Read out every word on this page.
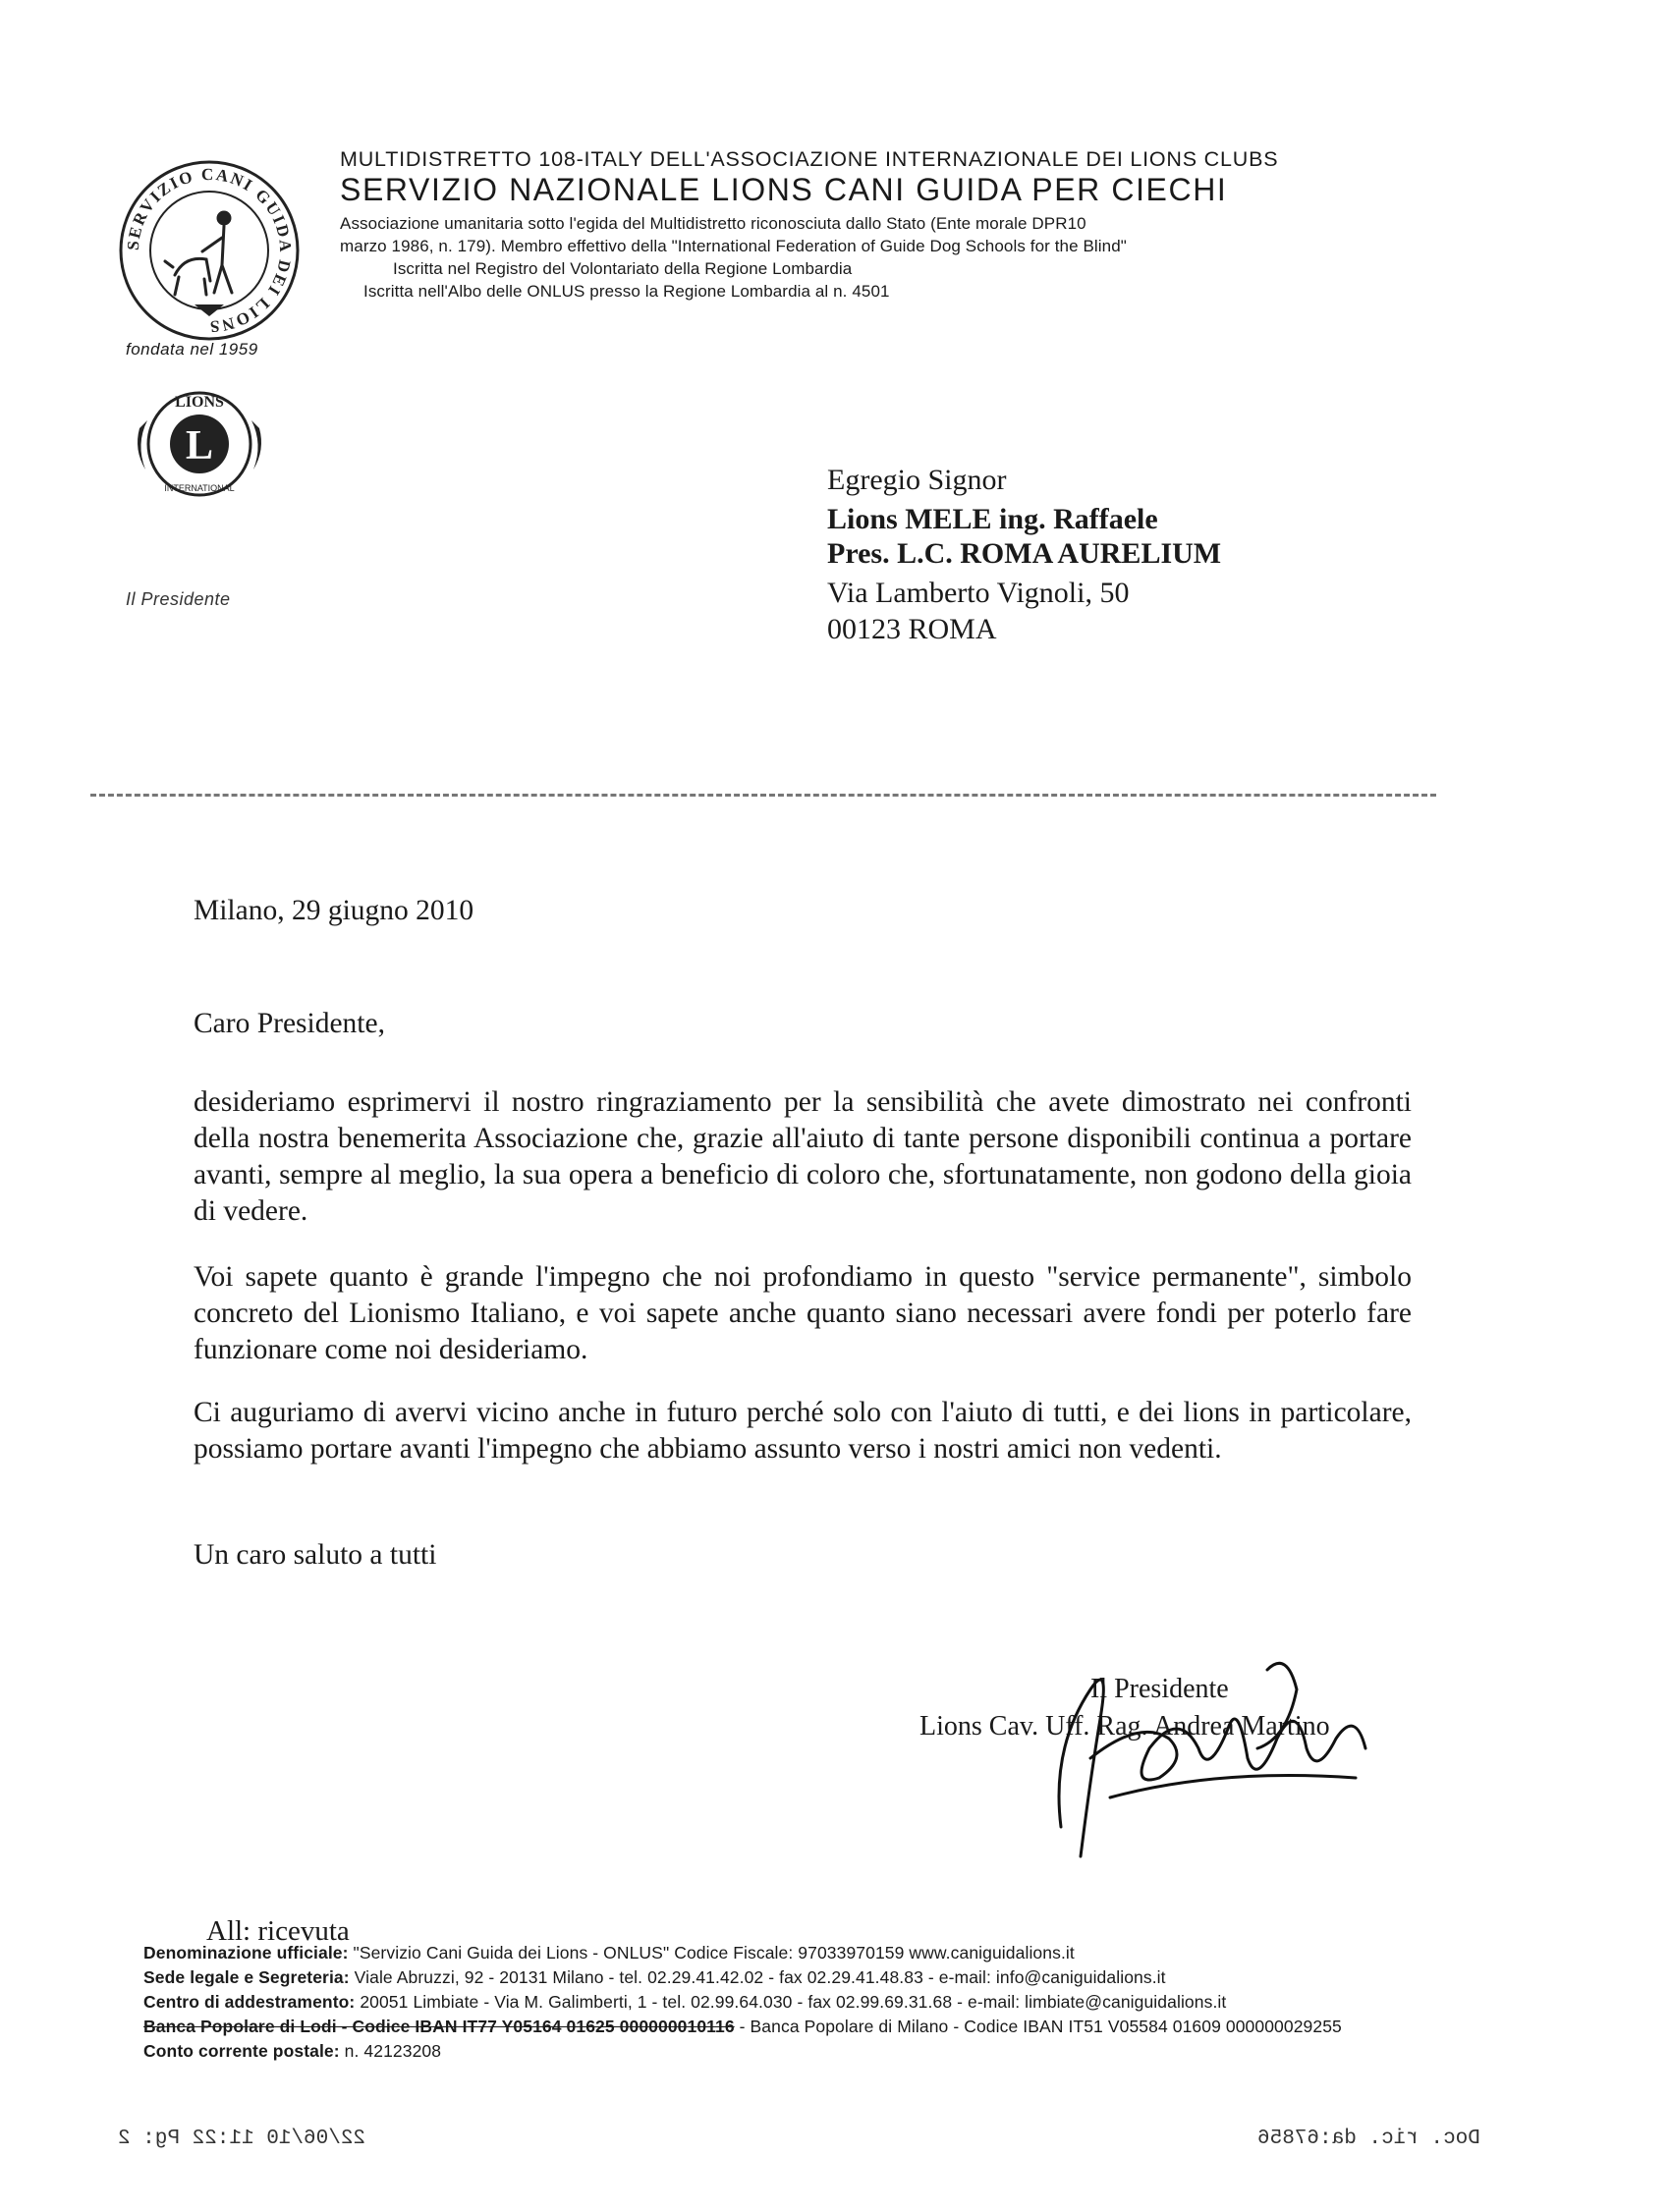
SERVIZIO CANI GUIDA DEI LIONS
fondata nel 1959
L
LIONS
INTERNATIONAL
Il Presidente
MULTIDISTRETTO 108-ITALY DELL'ASSOCIAZIONE INTERNAZIONALE DEI LIONS CLUBS
SERVIZIO NAZIONALE LIONS CANI GUIDA PER CIECHI
Associazione umanitaria sotto l'egida del Multidistretto riconosciuta dallo Stato (Ente morale DPR10
marzo 1986, n. 179). Membro effettivo della "International Federation of Guide Dog Schools for the Blind"
Iscritta nel Registro del Volontariato della Regione Lombardia
Iscritta nell'Albo delle ONLUS presso la Regione Lombardia al n. 4501
Egregio Signor
Lions MELE ing. Raffaele
Pres. L.C. ROMA AURELIUM
Via Lamberto Vignoli, 50
00123 ROMA
Milano, 29 giugno 2010
Caro Presidente,
desideriamo esprimervi il nostro ringraziamento per la sensibilità che avete dimostrato nei confronti della nostra benemerita Associazione che, grazie all'aiuto di tante persone disponibili continua a portare avanti, sempre al meglio, la sua opera a beneficio di coloro che, sfortunatamente, non godono della gioia di vedere.
Voi sapete quanto è grande l'impegno che noi profondiamo in questo "service permanente", simbolo concreto del Lionismo Italiano, e voi sapete anche quanto siano necessari avere fondi per poterlo fare funzionare come noi desideriamo.
Ci auguriamo di avervi vicino anche in futuro perché solo con l'aiuto di tutti, e dei lions in particolare, possiamo portare avanti l'impegno che abbiamo assunto verso i nostri amici non vedenti.
Un caro saluto a tutti
Il Presidente
Lions Cav. Uff. Rag. Andrea Martino
All: ricevuta
Denominazione ufficiale: "Servizio Cani Guida dei Lions - ONLUS" Codice Fiscale: 97033970159 www.caniguidalions.it
Sede legale e Segreteria: Viale Abruzzi, 92 - 20131 Milano - tel. 02.29.41.42.02 - fax 02.29.41.48.83 - e-mail: info@caniguidalions.it
Centro di addestramento: 20051 Limbiate - Via M. Galimberti, 1 - tel. 02.99.64.030 - fax 02.99.69.31.68 - e-mail: limbiate@caniguidalions.it
Banca Popolare di Lodi - Codice IBAN IT77 Y05164 01625 000000010116 - Banca Popolare di Milano - Codice IBAN IT51 V05584 01609 000000029255
Conto corrente postale: n. 42123208
22/06/10 11:22 Pg: 2	Doc. ric. da:67856
